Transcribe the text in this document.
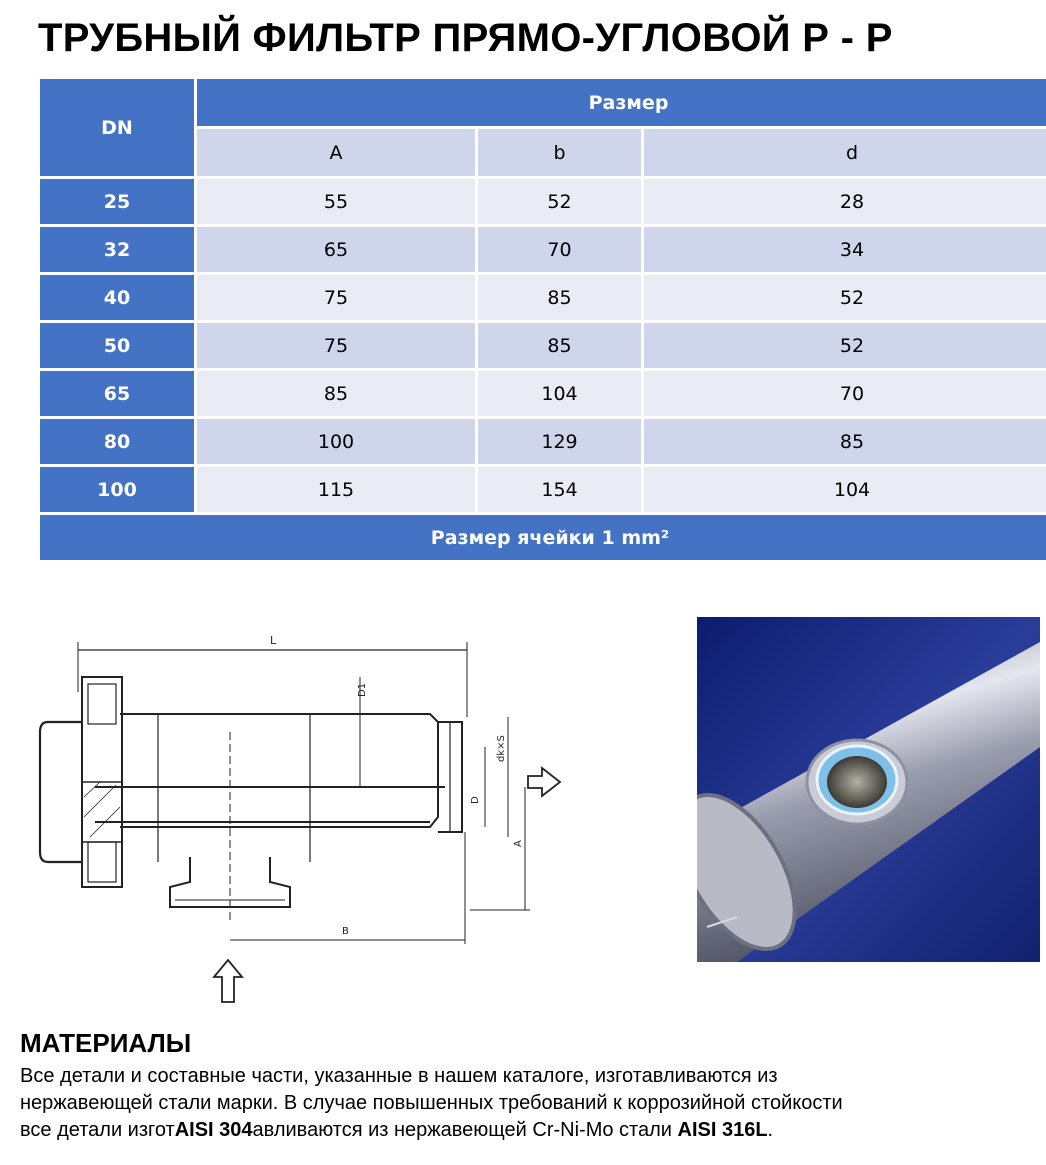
ТРУБНЫЙ ФИЛЬТР ПРЯМО-УГЛОВОЙ Р - Р
DN	Размер		
	A	b	d
25	55	52	28
32	65	70	34
40	75	85	52
50	75	85	52
65	85	104	70
80	100	129	85
100	115	154	104
Размер ячейки 1 mm²			
L
D1
D
dk×S
A
B
МАТЕРИАЛЫ

Все детали и составные части, указанные в нашем каталоге, изготавливаются из
нержавеющей стали марки. В случае повышенных требований к коррозийной стойкости
все детали изготAISI 304авливаются из нержавеющей Cr-Ni-Mo стали AISI 316L.
